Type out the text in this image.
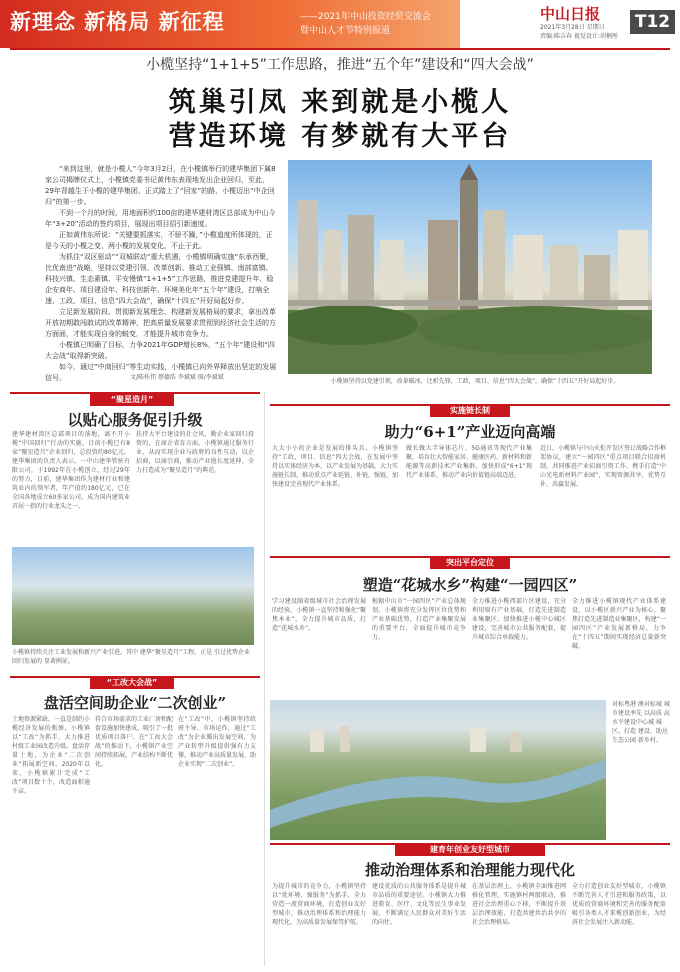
新理念 新格局 新征程	——2021年中山投资经贸交流会
暨中山人才节特别报道
中山日报
2021年3月28日 星期日
责编:陈吉春 视觉设计:胡桐彤
T12
小榄坚持“1+1+5”工作思路，推进“五个年”建设和“四大会战”
筑巢引凤 来到就是小榄人
营造环境 有梦就有大平台

“来到这里，就是小榄人”今年3月2日，在小榄镇举行的建华集团下属8家公司揭牌仪式上，小榄镇党委书记黄伟东表现地发出企业回归，至此，29年背越生于小榄的建华集团，正式踏上了“回家”的路，小榄迈出“中企回归”的第一步。

不到一个月的时间，用地面积约100亩的建华建材湾区总部成为中山今年“3+20”活动的签约项目，展现出项目招引新速度。

正如黄伟东所说：“关键要抓落实，不骄不躁，”小榄道度所体现的，正是今天的小榄之变、两小榄的发展变化，不止于此。

为抓住“双区驱动”“双城联动”重大机遇，小榄镇明确实施“东承西聚，比优南进”战略，坚持以党建引领、改革创新、推动工业强镇、南部富镇、科技兴镇、生态素镇、平安慢镇“1+1+5”工作思路，推进党建提升年、稳企安商年、项目建设年、科技创新年、环境美化年“五个年”建设，打响全速、工政、项目、信息“四大会战”，确保“十四五”开好局起好步。

立足新发展阶段、贯彻新发展理念、构建新发展格局的要求，拿出改革开放初期敢闯敢试的改革精神，把高质量发展要求贯彻到经济社会生活的方方面面，才能实现自身的蜕变，才能提升城市竞争力。

小榄镇已明确了目标，力争2021年GDP增长8%，“五个年”建设和“四大会战”取得新突破。

如今，通过“中商回归”等生动实践，小榄镇已向外界释放出坚定的发展信号。	文/陈桂伟 蔡德浩 李斌斌 图/李斌斌
小榄镇坚持以党建引领，改革破冰，比析先锋，工政，项目、信息“四大会战”。确保“十四五”开好局起好步。
“聚星造月”
以贴心服务促引升级
建华建材湾区总部项目的落地，离不开小榄“中国回归”行动的实施。目前小榄已有8家“聚星造月”企业回归，总投资约80亿元。建华集团的负责人表示，一中山建华管桩有限公司，于1992年在小榄创立，经过29年的努力，目前，建华集团作为建材行业和建筑业内的领军者，年产值约180亿元，已在全国各地成立60多家公司，成为国内建筑业首屈一指的行业龙头之一。
扶持大平台建设的社会风，勤企业家回归投资的，在商企省育方面，小榄镇通过服务行业，从而实现企业与政府的良性互动，以企招商，以商引商，推动产业链长度延伸，全力打造成为“聚星造月”的典范。
小榄镇持续关注工业发展和新兴产业引进，其中 建华“聚星造月”工程，正是 引过优势企业回归发展的 显著例证。
实施链长制
助力“6+1”产业迈向高端
大大小小的企业是发展的排头兵。小榄镇坚持“工政、项目、信息”四大会战，在发展中坚持以实体经济为本，以产业发展为基础，大力实施链长制，推动重点产业延链、补链、强链，加快建设完善现代产业体系。
做长做大半导体芯片、5G通讯等现代产业集聚，培育壮大智能家居、健康医药、新材料和新能源等高新技术产业集群，加快形成“6+1”现代产业体系，推动产业向价值链高端迈进。
近日，小榄镇与中山火炬开发区签订战略合作框架协议，建立“一园四区”重点项目联合招商机制，共同推进产业招商引资工作，携手打造“中山光电新材料产业园”，实现资源共享、优势互补、共赢发展。
突出平台定位
塑造“花城水乡”构建“一园四区”
学习建设副省级城市社会治理发展的经验，小榄镇一直坚持和强化“聚焦本业”，全力提升城市品质，打造“花城水乡”。
根据中山市“一园四区”产业总体规划，小榄镇将充分发挥区位优势和产业基础优势，打造产业集聚发展的重要平台，全面提升城市竞争力。
全力推进小榄西部片区建设，充分利用原有产业基础，打造先进制造业集聚区。加快推进小榄中心城区建设，完善城市公共服务配套，提升城市综合承载能力。
全力推进小榄镇现代产业体系建设，以小榄区新兴产业为核心，聚焦打造先进制造业集聚区，构建“一园四区”产业发展新格局，力争在“十四五”期间实现经济总量新突破。
“工改大会战”
盘活空间助企业“二次创业”
土地资源紧缺，一直是制约小榄经济发展的瓶颈。小榄镇以“工改”为抓手，大力推进村级工业园改造升级，盘活存量土地，为企业“二次创业”拓展新空间。2020年以来，小榄镇累计完成“工改”项目数十个，改造面积逾千亩。
符合市场需求的工业厂房和配套设施加快建成，吸引了一批优质项目落户。在“工改大会战”的推动下，小榄镇产业空间持续拓展，产业结构不断优化。
在“工改”中，小榄镇坚持政府主导、市场运作，通过“工改”为企业腾出发展空间，为产业转型升级提供强有力支撑，推动产业高质量发展，助企业实现“二次创业”。
对标粤港 澳对标城 城市建设率先 以高质 高水平建设中心城 城区，打造 建设、助达 生态公园 新乡村。
建育年创业友好型城市
推动治理体系和治理能力现代化
为提升城市的竞争力，小榄镇坚持以“优环境、强服务”为抓手，全力营造一流营商环境，打造创业友好型城市，推动治理体系和治理能力现代化，为高质量发展保驾护航。
建设优质的公共服务体系是提升城市品质的重要途径。小榄镇大力推进教育、医疗、文化等民生事业发展，不断满足人民群众对美好生活的向往。
在基层治理上，小榄镇全面推进网格化管理，实施镇村两级联动，推进社会治理重心下移，不断提升基层治理效能，打造共建共治共享的社会治理格局。
全力打造创业友好型城市，小榄镇不断完善人才引进和服务政策，以优质的营商环境和完善的服务配套吸引各类人才来榄创新创业，为经济社会发展注入新动能。
